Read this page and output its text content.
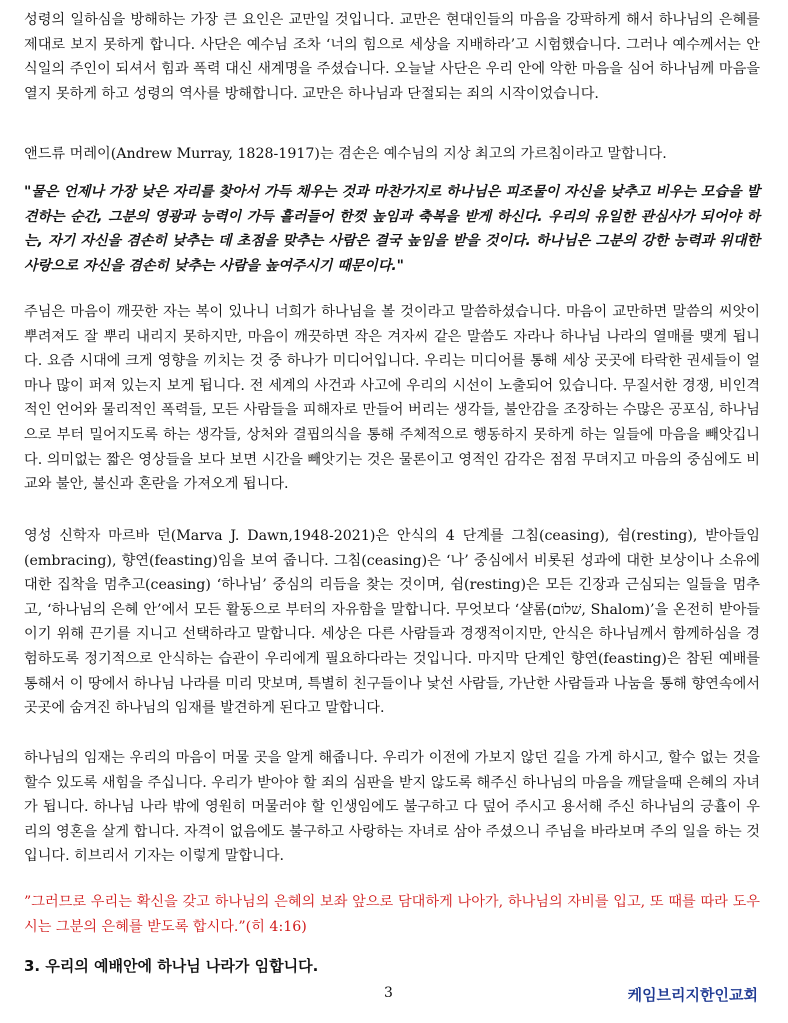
성령의 일하심을 방해하는 가장 큰 요인은 교만일 것입니다. 교만은 현대인들의 마음을 강팍하게 해서 하나님의 은혜를 제대로 보지 못하게 합니다. 사단은 예수님 조차 ‘너의 힘으로 세상을 지배하라’고 시험했습니다. 그러나 예수께서는 안식일의 주인이 되셔서 힘과 폭력 대신 새계명을 주셨습니다. 오늘날 사단은 우리 안에 악한 마음을 심어 하나님께 마음을 열지 못하게 하고 성령의 역사를 방해합니다. 교만은 하나님과 단절되는 죄의 시작이었습니다.

앤드류 머레이(Andrew Murray, 1828-1917)는 겸손은 예수님의 지상 최고의 가르침이라고 말합니다.

"물은 언제나 가장 낮은 자리를 찾아서 가득 채우는 것과 마찬가지로 하나님은 피조물이 자신을 낮추고 비우는 모습을 발견하는 순간, 그분의 영광과 능력이 가득 흘러들어 한껏 높임과 축복을 받게 하신다. 우리의 유일한 관심사가 되어야 하는, 자기 자신을 겸손히 낮추는 데 초점을 맞추는 사람은 결국 높임을 받을 것이다. 하나님은 그분의 강한 능력과 위대한 사랑으로 자신을 겸손히 낮추는 사람을 높여주시기 때문이다."

주님은 마음이 깨끗한 자는 복이 있나니 너희가 하나님을 볼 것이라고 말씀하셨습니다. 마음이 교만하면 말씀의 씨앗이 뿌려져도 잘 뿌리 내리지 못하지만, 마음이 깨끗하면 작은 겨자씨 같은 말씀도 자라나 하나님 나라의 열매를 맺게 됩니다. 요즘 시대에 크게 영향을 끼치는 것 중 하나가 미디어입니다. 우리는 미디어를 통해 세상 곳곳에 타락한 권세들이 얼마나 많이 퍼져 있는지 보게 됩니다. 전 세계의 사건과 사고에 우리의 시선이 노출되어 있습니다. 무질서한 경쟁, 비인격적인 언어와 물리적인 폭력들, 모든 사람들을 피해자로 만들어 버리는 생각들, 불안감을 조장하는 수많은 공포심, 하나님으로 부터 밀어지도록 하는 생각들, 상처와 결핍의식을 통해 주체적으로 행동하지 못하게 하는 일들에 마음을 빼앗깁니다. 의미없는 짧은 영상들을 보다 보면 시간을 빼앗기는 것은 물론이고 영적인 감각은 점점 무뎌지고 마음의 중심에도 비교와 불안, 불신과 혼란을 가져오게 됩니다.

영성 신학자 마르바 던(Marva J. Dawn,1948-2021)은 안식의 4 단계를 그침(ceasing), 쉼(resting), 받아들임(embracing), 향연(feasting)임을 보여 줍니다. 그침(ceasing)은 ‘나’ 중심에서 비롯된 성과에 대한 보상이나 소유에 대한 집착을 멈추고(ceasing) ‘하나님’ 중심의 리듬을 찾는 것이며, 쉼(resting)은 모든 긴장과 근심되는 일들을 멈추고, ‘하나님의 은혜 안’에서 모든 활동으로 부터의 자유함을 말합니다. 무엇보다 ‘샬롬(שׁלוֹם, Shalom)’을 온전히 받아들이기 위해 끈기를 지니고 선택하라고 말합니다. 세상은 다른 사람들과 경쟁적이지만, 안식은 하나님께서 함께하심을 경험하도록 정기적으로 안식하는 습관이 우리에게 필요하다라는 것입니다. 마지막 단계인 향연(feasting)은 참된 예배를 통해서 이 땅에서 하나님 나라를 미리 맛보며, 특별히 친구들이나 낯선 사람들, 가난한 사람들과 나눔을 통해 향연속에서 곳곳에 숨겨진 하나님의 임재를 발견하게 된다고 말합니다.

하나님의 임재는 우리의 마음이 머물 곳을 알게 해줍니다. 우리가 이전에 가보지 않던 길을 가게 하시고, 할수 없는 것을 할수 있도록 새힘을 주십니다. 우리가 받아야 할 죄의 심판을 받지 않도록 해주신 하나님의 마음을 깨달을때 은혜의 자녀가 됩니다. 하나님 나라 밖에 영원히 머물러야 할 인생임에도 불구하고 다 덮어 주시고 용서해 주신 하나님의 긍휼이 우리의 영혼을 살게 합니다. 자격이 없음에도 불구하고 사랑하는 자녀로 삼아 주셨으니 주님을 바라보며 주의 일을 하는 것입니다. 히브리서 기자는 이렇게 말합니다.

”그러므로 우리는 확신을 갖고 하나님의 은혜의 보좌 앞으로 담대하게 나아가, 하나님의 자비를 입고, 또 때를 따라 도우시는 그분의 은혜를 받도록 합시다.”(히 4:16)

3. 우리의 예배안에 하나님 나라가 임합니다.

3	케임브리지한인교회
